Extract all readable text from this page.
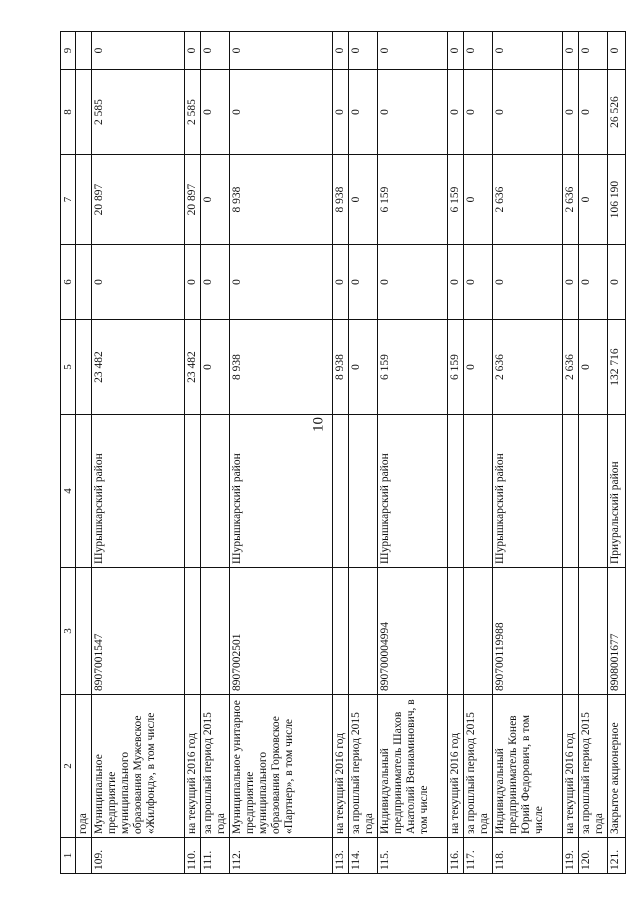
10
1	2	3	4	5	6	7	8	9
	года							
109.	Муниципальное предприятие муниципального образования Мужевское «Жилфонд», в том числе	8907001547	Шурышкарский район	23 482	0	20 897	2 585	0
110.	на текущий 2016 год			23 482	0	20 897	2 585	0
111.	за прошлый период 2015 года			0	0	0	0	0
112.	Муниципальное унитарное предприятие муниципального образования Горковское «Партнер», в том числе	8907002501	Шурышкарский район	8 938	0	8 938	0	0
113.	на текущий 2016 год			8 938	0	8 938	0	0
114.	за прошлый период 2015 года			0	0	0	0	0
115.	Индивидуальный предприниматель Шахов Анатолий Вениаминович, в том числе	890700004994	Шурышкарский район	6 159	0	6 159	0	0
116.	на текущий 2016 год			6 159	0	6 159	0	0
117.	за прошлый период 2015 года			0	0	0	0	0
118.	Индивидуальный предприниматель Конев Юрий Федорович, в том числе	890700119988	Шурышкарский район	2 636	0	2 636	0	0
119.	на текущий 2016 год			2 636	0	2 636	0	0
120.	за прошлый период 2015 года			0	0	0	0	0
121.	Закрытое акционерное	8908001677	Приуральский район	132 716	0	106 190	26 526	0
